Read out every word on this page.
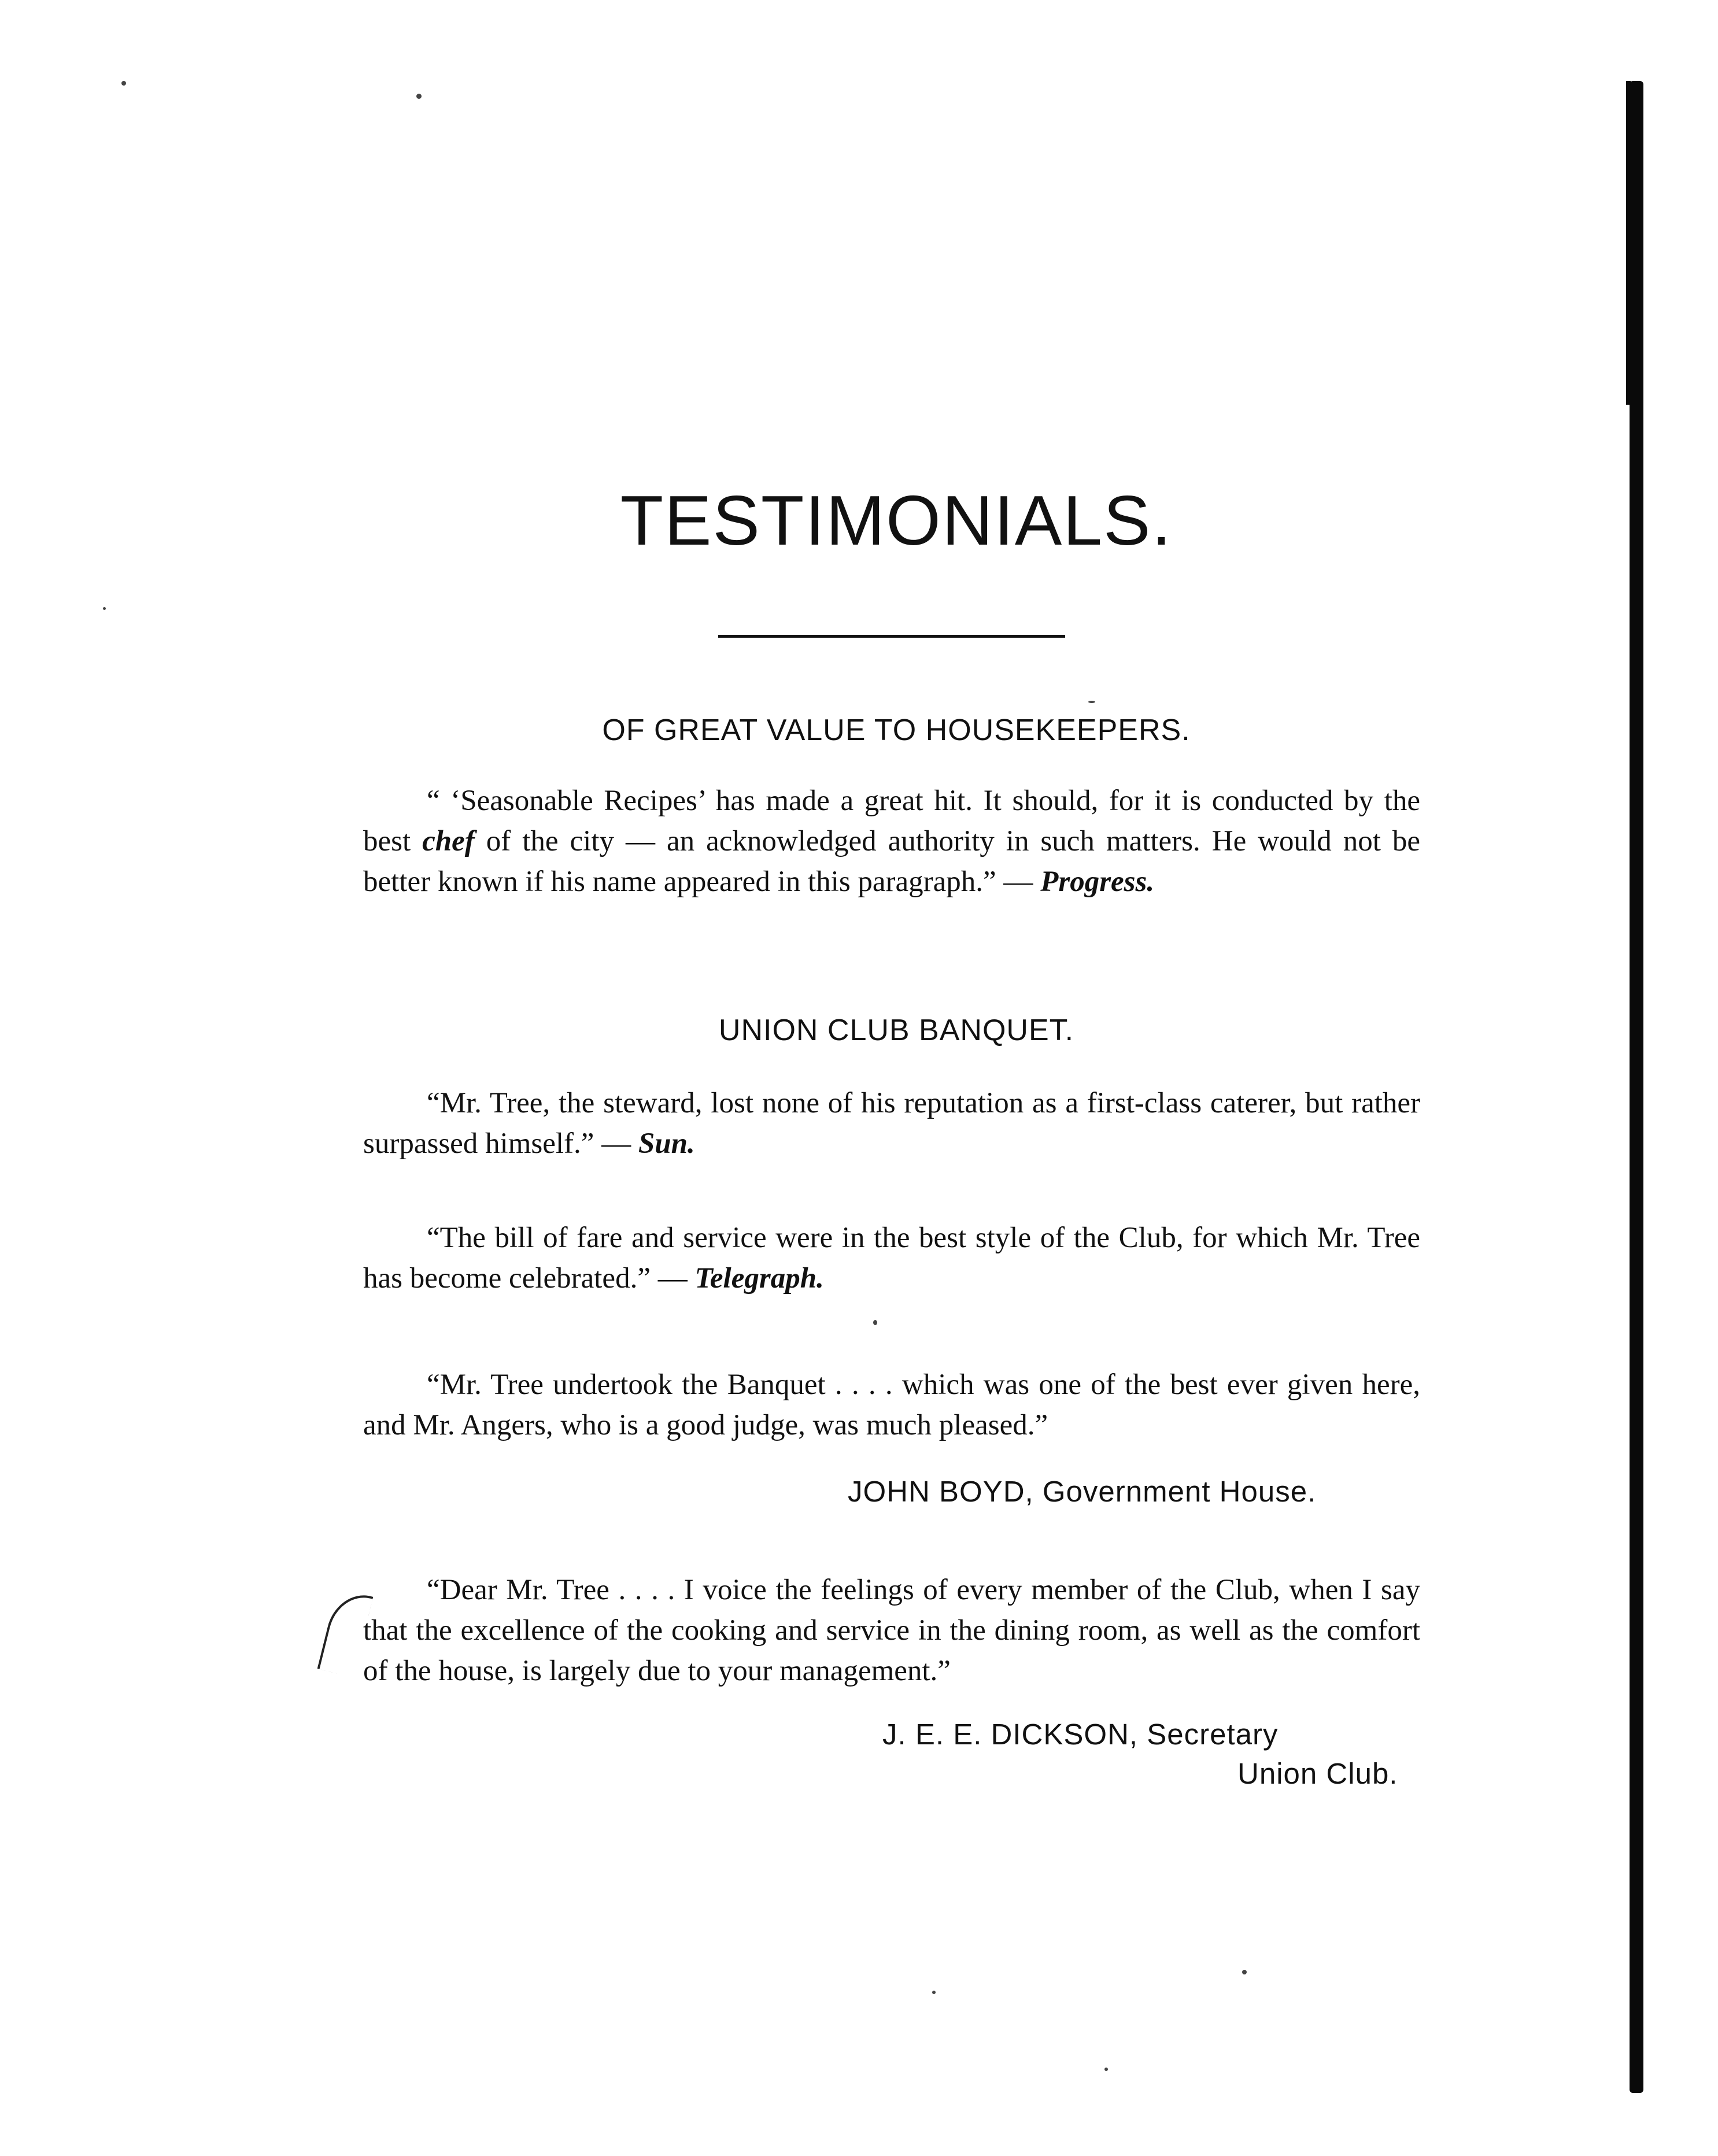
TESTIMONIALS.
OF GREAT VALUE TO HOUSEKEEPERS.
“ ‘Seasonable Recipes’ has made a great hit. It should, for it is conducted by the best chef of the city — an acknowledged authority in such matters. He would not be better known if his name appeared in this paragraph.” — Progress.
UNION CLUB BANQUET.
“Mr. Tree, the steward, lost none of his reputation as a first-class caterer, but rather surpassed himself.” — Sun.
“The bill of fare and service were in the best style of the Club, for which Mr. Tree has become celebrated.” — Telegraph.
“Mr. Tree undertook the Banquet . . . . which was one of the best ever given here, and Mr. Angers, who is a good judge, was much pleased.”
JOHN BOYD, Government House.
“Dear Mr. Tree . . . . I voice the feelings of every member of the Club, when I say that the excellence of the cooking and service in the dining room, as well as the comfort of the house, is largely due to your management.”
J. E. E. DICKSON, Secretary
Union Club.
